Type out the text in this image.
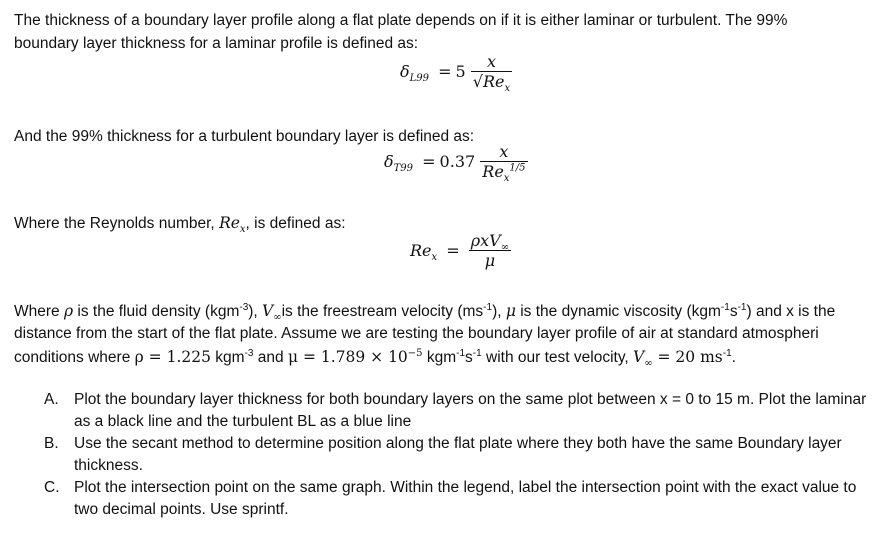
The thickness of a boundary layer profile along a flat plate depends on if it is either laminar or turbulent. The 99%
boundary layer thickness for a laminar profile is defined as:
$\delta_{L99} = 5 \frac{x}{√Re_x}$
And the 99% thickness for a turbulent boundary layer is defined as:
$\delta_{T99} = 0.37 \frac{x}{Re_x^{1/5}}$
Where the Reynolds number, $Re_x$, is defined as:
$Re_x = \frac{\rho xV_\infty}{\mu}$
Where ρ is the fluid density (kgm$^{-3}$), $V_\infty is$ the freestream velocity $(ms^{-1})$, μ is the dynamic viscosity $(kgm^{-1}s^{-1})$ and x is the
distance from the start of the flat plate. Assume we are testing the boundary layer profile of air at standard atmospheri
conditions where ρ = 1.225 kgm$^{-3}$ and $\mu = 1.789 \times 10^{-5}$ $kgm^{-1}s^{-1}$ with our test velocity, $V_\infty = 20$ $ms^{-1}$.
A. Plot the boundary layer thickness for both boundary layers on the same plot between x = 0 to 15 m. Plot the laminar as a black line and the turbulent BL as a blue line
B. Use the secant method to determine position along the flat plate where they both have the same Boundary layer thickness.
C. Plot the intersection point on the same graph. Within the legend, label the intersection point with the exact value to two decimal points. Use sprintf.
